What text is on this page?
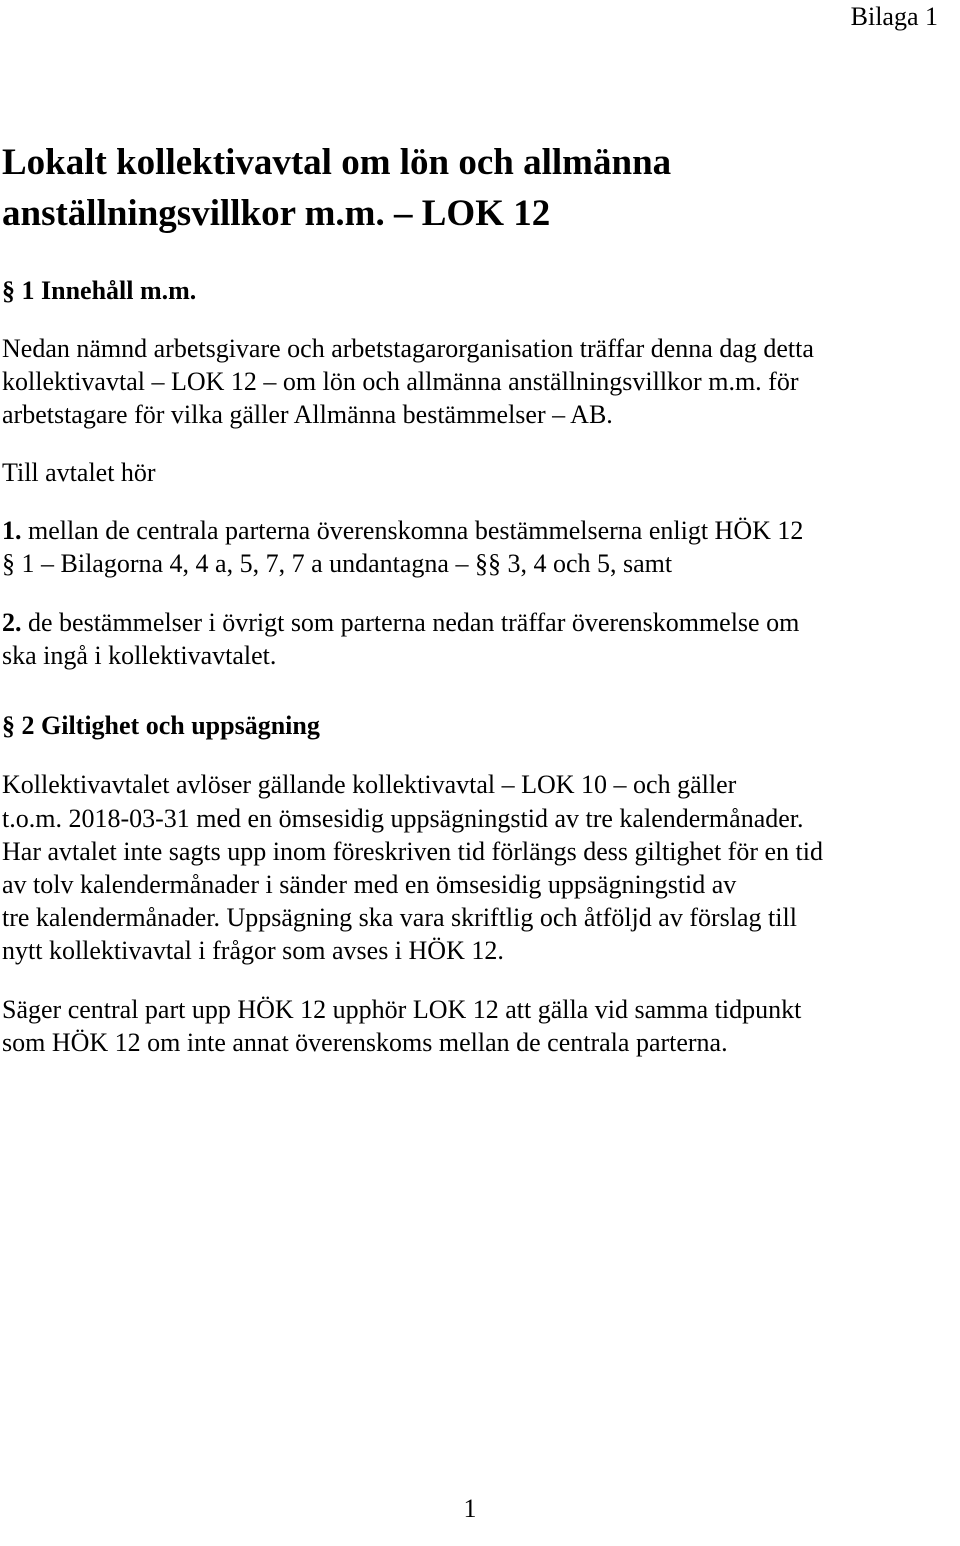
Bilaga 1
Lokalt kollektivavtal om lön och allmänna
anställningsvillkor m.m. – LOK 12
§ 1 Innehåll m.m.
Nedan nämnd arbetsgivare och arbetstagarorganisation träffar denna dag detta
kollektivavtal – LOK 12 – om lön och allmänna anställningsvillkor m.m. för
arbetstagare för vilka gäller Allmänna bestämmelser – AB.
Till avtalet hör
1. mellan de centrala parterna överenskomna bestämmelserna enligt HÖK 12
§ 1 – Bilagorna 4, 4 a, 5, 7, 7 a undantagna – §§ 3, 4 och 5, samt
2. de bestämmelser i övrigt som parterna nedan träffar överenskommelse om
ska ingå i kollektivavtalet.
§ 2 Giltighet och uppsägning
Kollektivavtalet avlöser gällande kollektivavtal – LOK 10 – och gäller
t.o.m. 2018-03-31 med en ömsesidig uppsägningstid av tre kalendermånader.
Har avtalet inte sagts upp inom föreskriven tid förlängs dess giltighet för en tid
av tolv kalendermånader i sänder med en ömsesidig uppsägningstid av
tre kalendermånader. Uppsägning ska vara skriftlig och åtföljd av förslag till
nytt kollektivavtal i frågor som avses i HÖK 12.
Säger central part upp HÖK 12 upphör LOK 12 att gälla vid samma tidpunkt
som HÖK 12 om inte annat överenskoms mellan de centrala parterna.
1
